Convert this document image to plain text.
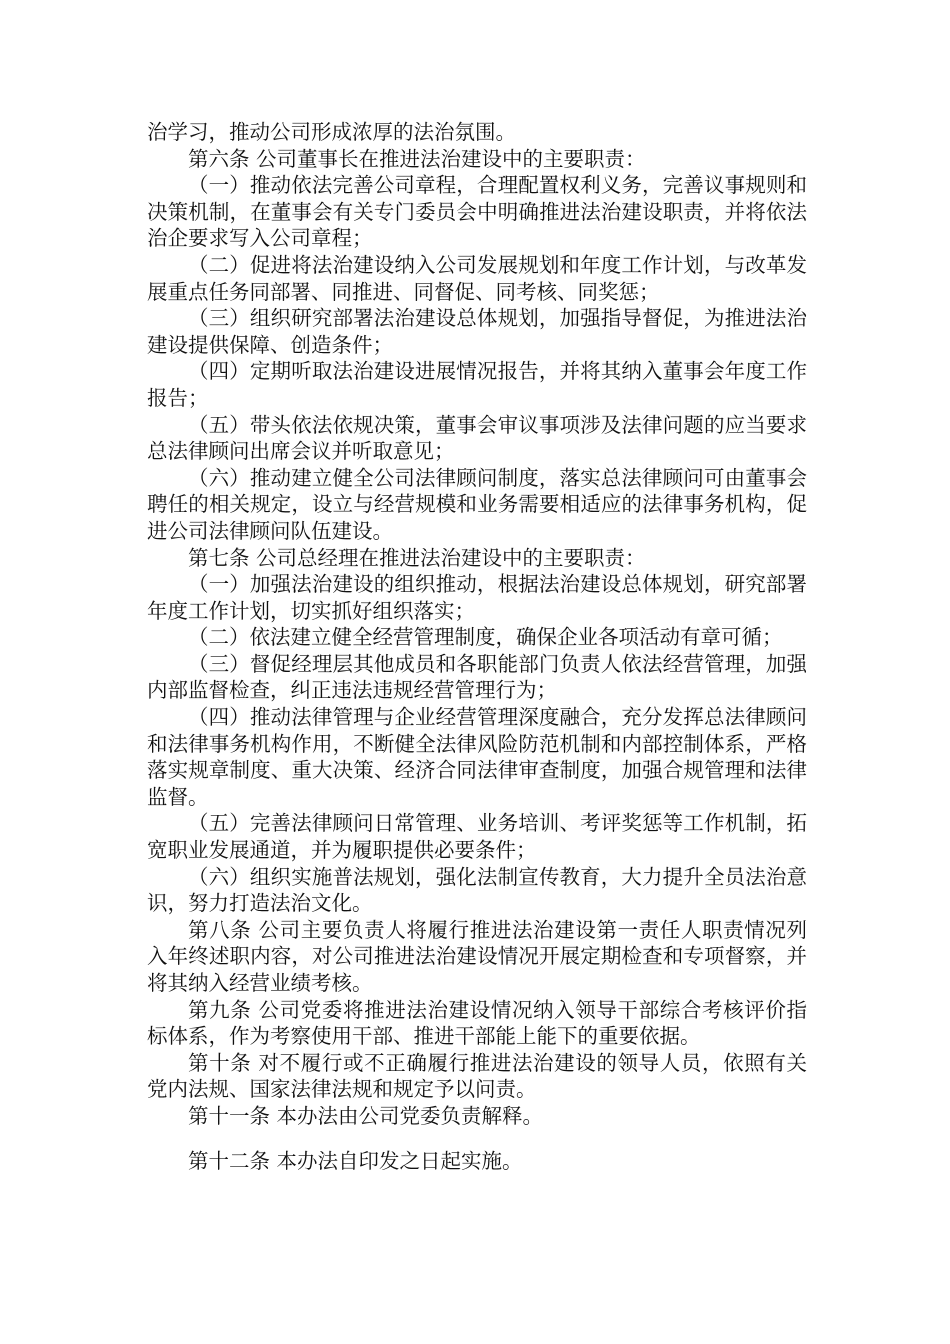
治学习，推动公司形成浓厚的法治氛围。

第六条 公司董事长在推进法治建设中的主要职责：

（一）推动依法完善公司章程，合理配置权利义务，完善议事规则和决策机制，在董事会有关专门委员会中明确推进法治建设职责，并将依法治企要求写入公司章程；

（二）促进将法治建设纳入公司发展规划和年度工作计划，与改革发展重点任务同部署、同推进、同督促、同考核、同奖惩；

（三）组织研究部署法治建设总体规划，加强指导督促，为推进法治建设提供保障、创造条件；

（四）定期听取法治建设进展情况报告，并将其纳入董事会年度工作报告；

（五）带头依法依规决策，董事会审议事项涉及法律问题的应当要求总法律顾问出席会议并听取意见；

（六）推动建立健全公司法律顾问制度，落实总法律顾问可由董事会聘任的相关规定，设立与经营规模和业务需要相适应的法律事务机构，促进公司法律顾问队伍建设。

第七条 公司总经理在推进法治建设中的主要职责：

（一）加强法治建设的组织推动，根据法治建设总体规划，研究部署年度工作计划，切实抓好组织落实；

（二）依法建立健全经营管理制度，确保企业各项活动有章可循；

（三）督促经理层其他成员和各职能部门负责人依法经营管理，加强内部监督检查，纠正违法违规经营管理行为；

（四）推动法律管理与企业经营管理深度融合，充分发挥总法律顾问和法律事务机构作用，不断健全法律风险防范机制和内部控制体系，严格落实规章制度、重大决策、经济合同法律审查制度，加强合规管理和法律监督。

（五）完善法律顾问日常管理、业务培训、考评奖惩等工作机制，拓宽职业发展通道，并为履职提供必要条件；

（六）组织实施普法规划，强化法制宣传教育，大力提升全员法治意识，努力打造法治文化。

第八条 公司主要负责人将履行推进法治建设第一责任人职责情况列入年终述职内容，对公司推进法治建设情况开展定期检查和专项督察，并将其纳入经营业绩考核。

第九条 公司党委将推进法治建设情况纳入领导干部综合考核评价指标体系，作为考察使用干部、推进干部能上能下的重要依据。

第十条 对不履行或不正确履行推进法治建设的领导人员，依照有关党内法规、国家法律法规和规定予以问责。

第十一条 本办法由公司党委负责解释。

第十二条 本办法自印发之日起实施。
